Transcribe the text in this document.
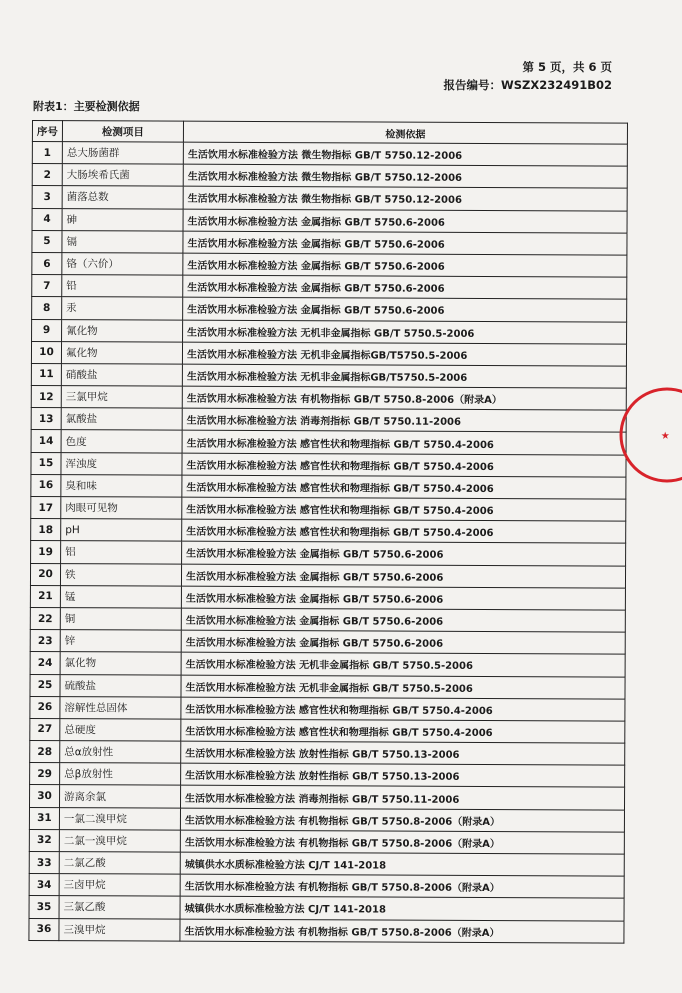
第 5 页，共 6 页
报告编号：WSZX232491B02
附表1：主要检测依据
序号	检测项目	检测依据
1	总大肠菌群	生活饮用水标准检验方法 微生物指标 GB/T 5750.12-2006
2	大肠埃希氏菌	生活饮用水标准检验方法 微生物指标 GB/T 5750.12-2006
3	菌落总数	生活饮用水标准检验方法 微生物指标 GB/T 5750.12-2006
4	砷	生活饮用水标准检验方法 金属指标 GB/T 5750.6-2006
5	镉	生活饮用水标准检验方法 金属指标 GB/T 5750.6-2006
6	铬（六价）	生活饮用水标准检验方法 金属指标 GB/T 5750.6-2006
7	铅	生活饮用水标准检验方法 金属指标 GB/T 5750.6-2006
8	汞	生活饮用水标准检验方法 金属指标 GB/T 5750.6-2006
9	氰化物	生活饮用水标准检验方法 无机非金属指标 GB/T 5750.5-2006
10	氟化物	生活饮用水标准检验方法 无机非金属指标GB/T5750.5-2006
11	硝酸盐	生活饮用水标准检验方法 无机非金属指标GB/T5750.5-2006
12	三氯甲烷	生活饮用水标准检验方法 有机物指标 GB/T 5750.8-2006（附录A）
13	氯酸盐	生活饮用水标准检验方法 消毒剂指标 GB/T 5750.11-2006
14	色度	生活饮用水标准检验方法 感官性状和物理指标 GB/T 5750.4-2006
15	浑浊度	生活饮用水标准检验方法 感官性状和物理指标 GB/T 5750.4-2006
16	臭和味	生活饮用水标准检验方法 感官性状和物理指标 GB/T 5750.4-2006
17	肉眼可见物	生活饮用水标准检验方法 感官性状和物理指标 GB/T 5750.4-2006
18	pH	生活饮用水标准检验方法 感官性状和物理指标 GB/T 5750.4-2006
19	铝	生活饮用水标准检验方法 金属指标 GB/T 5750.6-2006
20	铁	生活饮用水标准检验方法 金属指标 GB/T 5750.6-2006
21	锰	生活饮用水标准检验方法 金属指标 GB/T 5750.6-2006
22	铜	生活饮用水标准检验方法 金属指标 GB/T 5750.6-2006
23	锌	生活饮用水标准检验方法 金属指标 GB/T 5750.6-2006
24	氯化物	生活饮用水标准检验方法 无机非金属指标 GB/T 5750.5-2006
25	硫酸盐	生活饮用水标准检验方法 无机非金属指标 GB/T 5750.5-2006
26	溶解性总固体	生活饮用水标准检验方法 感官性状和物理指标 GB/T 5750.4-2006
27	总硬度	生活饮用水标准检验方法 感官性状和物理指标 GB/T 5750.4-2006
28	总α放射性	生活饮用水标准检验方法 放射性指标 GB/T 5750.13-2006
29	总β放射性	生活饮用水标准检验方法 放射性指标 GB/T 5750.13-2006
30	游离余氯	生活饮用水标准检验方法 消毒剂指标 GB/T 5750.11-2006
31	一氯二溴甲烷	生活饮用水标准检验方法 有机物指标 GB/T 5750.8-2006（附录A）
32	二氯一溴甲烷	生活饮用水标准检验方法 有机物指标 GB/T 5750.8-2006（附录A）
33	二氯乙酸	城镇供水水质标准检验方法 CJ/T 141-2018
34	三卤甲烷	生活饮用水标准检验方法 有机物指标 GB/T 5750.8-2006（附录A）
35	三氯乙酸	城镇供水水质标准检验方法 CJ/T 141-2018
36	三溴甲烷	生活饮用水标准检验方法 有机物指标 GB/T 5750.8-2006（附录A）
★
